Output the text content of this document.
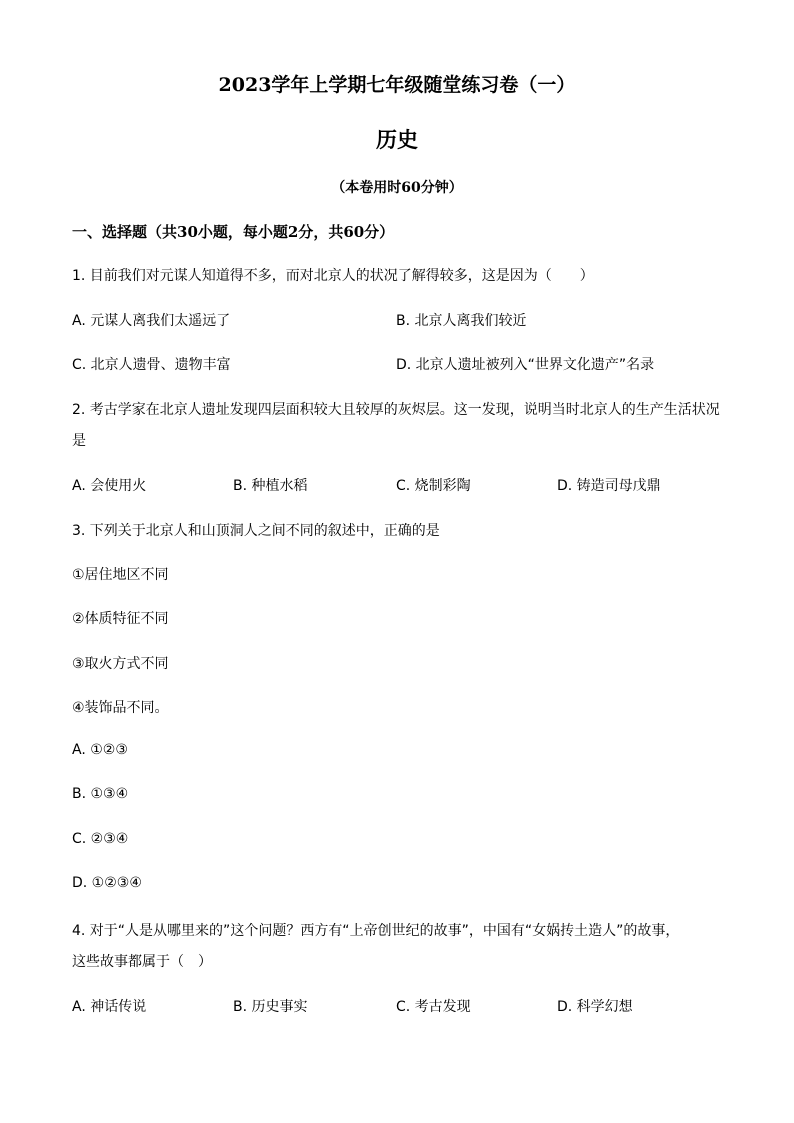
2023学年上学期七年级随堂练习卷（一）
历史
（本卷用时60分钟）
一、选择题（共30小题，每小题2分，共60分）
1. 目前我们对元谋人知道得不多，而对北京人的状况了解得较多，这是因为（　　）
A. 元谋人离我们太遥远了	B. 北京人离我们较近
C. 北京人遗骨、遗物丰富	D. 北京人遗址被列入“世界文化遗产”名录
2. 考古学家在北京人遗址发现四层面积较大且较厚的灰烬层。这一发现，说明当时北京人的生产生活状况
是
A. 会使用火	B. 种植水稻	C. 烧制彩陶	D. 铸造司母戊鼎
3. 下列关于北京人和山顶洞人之间不同的叙述中，正确的是
①居住地区不同
②体质特征不同
③取火方式不同
④装饰品不同。
A. ①②③
B. ①③④
C. ②③④
D. ①②③④
4. 对于“人是从哪里来的”这个问题？西方有“上帝创世纪的故事”，中国有“女娲抟土造人”的故事，
这些故事都属于（　）
A. 神话传说	B. 历史事实	C. 考古发现	D. 科学幻想
